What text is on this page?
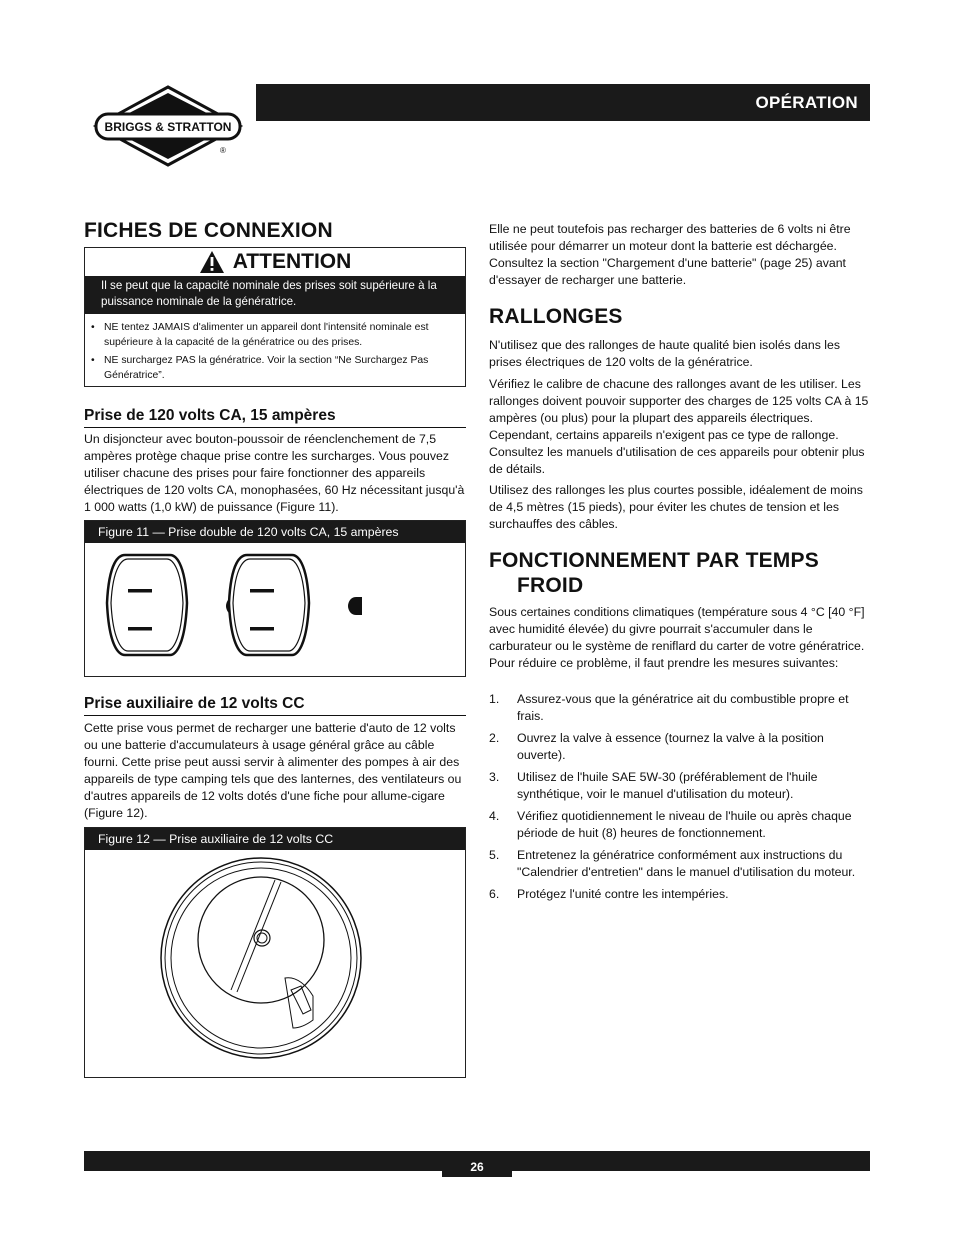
BRIGGS & STRATTON
®
OPÉRATION
FICHES DE CONNEXION
ATTENTION
Il se peut que la capacité nominale des prises soit supérieure à la puissance nominale de la génératrice.
• NE tentez JAMAIS d'alimenter un appareil dont l'intensité nominale est supérieure à la capacité de la génératrice ou des prises.
• NE surchargez PAS la génératrice. Voir la section “Ne Surchargez Pas Génératrice”.
Prise de 120 volts CA, 15 ampères

Un disjoncteur avec bouton-poussoir de réenclenchement de 7,5 ampères protège chaque prise contre les surcharges. Vous pouvez utiliser chacune des prises pour faire fonctionner des appareils électriques de 120 volts CA, monophasées, 60 Hz nécessitant jusqu'à 1 000 watts (1,0 kW) de puissance (Figure 11).

Figure 11 — Prise double de 120 volts CA, 15 ampères
Prise auxiliaire de 12 volts CC

Cette prise vous permet de recharger une batterie d'auto de 12 volts ou une batterie d'accumulateurs à usage général grâce au câble fourni. Cette prise peut aussi servir à alimenter des pompes à air des appareils de type camping tels que des lanternes, des ventilateurs ou d'autres appareils de 12 volts dotés d'une fiche pour allume-cigare (Figure 12).

Figure 12 — Prise auxiliaire de 12 volts CC

Elle ne peut toutefois pas recharger des batteries de 6 volts ni être utilisée pour démarrer un moteur dont la batterie est déchargée. Consultez la section "Chargement d'une batterie" (page 25) avant d'essayer de recharger une batterie.

RALLONGES

N'utilisez que des rallonges de haute qualité bien isolés dans les prises électriques de 120 volts de la génératrice.

Vérifiez le calibre de chacune des rallonges avant de les utiliser. Les rallonges doivent pouvoir supporter des charges de 125 volts CA à 15 ampères (ou plus) pour la plupart des appareils électriques. Cependant, certains appareils n'exigent pas ce type de rallonge. Consultez les manuels d'utilisation de ces appareils pour obtenir plus de détails.

Utilisez des rallonges les plus courtes possible, idéalement de moins de 4,5 mètres (15 pieds), pour éviter les chutes de tension et les surchauffes des câbles.

FONCTIONNEMENT PAR TEMPS
FROID

Sous certaines conditions climatiques (température sous 4 °C [40 °F] avec humidité élevée) du givre pourrait s'accumuler dans le carburateur ou le système de reniflard du carter de votre génératrice. Pour réduire ce problème, il faut prendre les mesures suivantes:

1. Assurez-vous que la génératrice ait du combustible propre et frais.
2. Ouvrez la valve à essence (tournez la valve à la position ouverte).
3. Utilisez de l'huile SAE 5W-30 (préférablement de l'huile synthétique, voir le manuel d'utilisation du moteur).
4. Vérifiez quotidiennement le niveau de l'huile ou après chaque période de huit (8) heures de fonctionnement.
5. Entretenez la génératrice conformément aux instructions du "Calendrier d'entretien" dans le manuel d'utilisation du moteur.
6. Protégez l'unité contre les intempéries.
26
